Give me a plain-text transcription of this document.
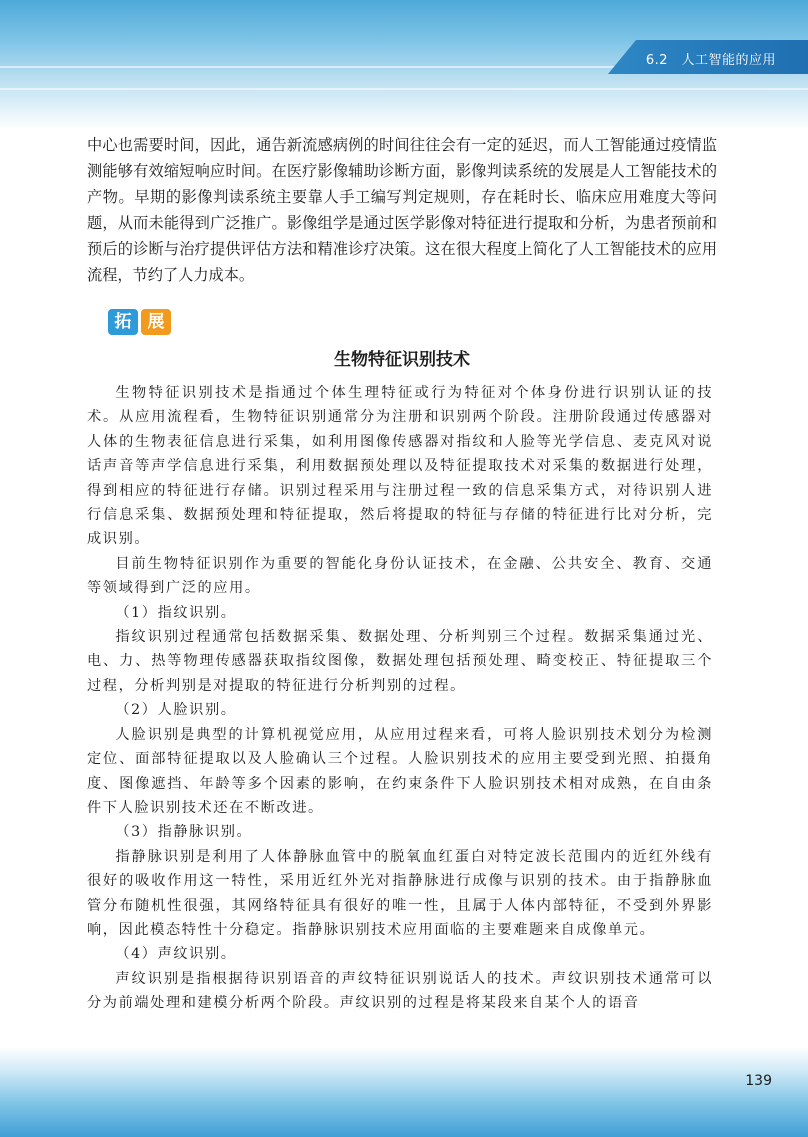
6.2　人工智能的应用

中心也需要时间，因此，通告新流感病例的时间往往会有一定的延迟，而人工智能通过疫情监测能够有效缩短响应时间。在医疗影像辅助诊断方面，影像判读系统的发展是人工智能技术的产物。早期的影像判读系统主要靠人手工编写判定规则，存在耗时长、临床应用难度大等问题，从而未能得到广泛推广。影像组学是通过医学影像对特征进行提取和分析，为患者预前和预后的诊断与治疗提供评估方法和精准诊疗决策。这在很大程度上简化了人工智能技术的应用流程，节约了人力成本。

拓 展
生物特征识别技术

生物特征识别技术是指通过个体生理特征或行为特征对个体身份进行识别认证的技术。从应用流程看，生物特征识别通常分为注册和识别两个阶段。注册阶段通过传感器对人体的生物表征信息进行采集，如利用图像传感器对指纹和人脸等光学信息、麦克风对说话声音等声学信息进行采集，利用数据预处理以及特征提取技术对采集的数据进行处理，得到相应的特征进行存储。识别过程采用与注册过程一致的信息采集方式，对待识别人进行信息采集、数据预处理和特征提取，然后将提取的特征与存储的特征进行比对分析，完成识别。

目前生物特征识别作为重要的智能化身份认证技术，在金融、公共安全、教育、交通等领域得到广泛的应用。

（1）指纹识别。

指纹识别过程通常包括数据采集、数据处理、分析判别三个过程。数据采集通过光、电、力、热等物理传感器获取指纹图像，数据处理包括预处理、畸变校正、特征提取三个过程，分析判别是对提取的特征进行分析判别的过程。

（2）人脸识别。

人脸识别是典型的计算机视觉应用，从应用过程来看，可将人脸识别技术划分为检测定位、面部特征提取以及人脸确认三个过程。人脸识别技术的应用主要受到光照、拍摄角度、图像遮挡、年龄等多个因素的影响，在约束条件下人脸识别技术相对成熟，在自由条件下人脸识别技术还在不断改进。

（3）指静脉识别。

指静脉识别是利用了人体静脉血管中的脱氧血红蛋白对特定波长范围内的近红外线有很好的吸收作用这一特性，采用近红外光对指静脉进行成像与识别的技术。由于指静脉血管分布随机性很强，其网络特征具有很好的唯一性，且属于人体内部特征，不受到外界影响，因此模态特性十分稳定。指静脉识别技术应用面临的主要难题来自成像单元。

（4）声纹识别。

声纹识别是指根据待识别语音的声纹特征识别说话人的技术。声纹识别技术通常可以分为前端处理和建模分析两个阶段。声纹识别的过程是将某段来自某个人的语音

139
